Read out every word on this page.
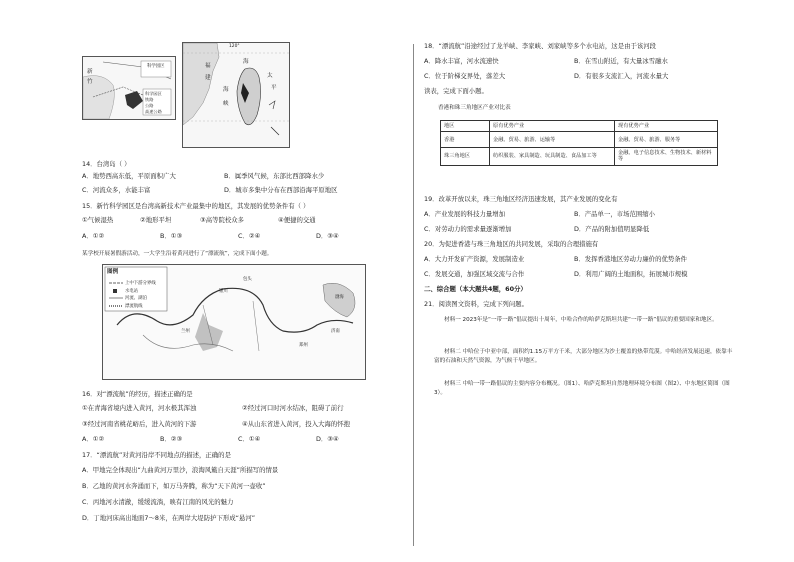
新
竹
科学园区
科学园区
铁路
公路
高速公路
福
建
海
峡
太
平
海
120°
14．台湾岛（ ）
A．地势西高东低，平原面积广大	B．属季风气候，东部比西部降水少
C．河流众多，水能丰富	D．城市多集中分布在西部沿海平原地区
15．新竹科学园区是台湾高新技术产业最集中的地区，其发展的优势条件有（ ）
①气候湿热	②地形平坦	③高等院校众多	④便捷的交通
A．①②	B．①③	C．②④	D．③④
某学校开展暑假游活动，一大学生沿着黄河进行了“漂流航”，完成下面小题。
图例
上中下游分界线
水电站
河流、湖泊
漂流航线
兰州
银川
包头
郑州
济南
渤海
16．对“漂流航”的经历，描述正确的是
①在青海省境内进入黄河，河水极其浑浊	②经过河口时河水结冰，阻碍了前行
③经过河南省桃花峪后，进入黄河的下游	④从山东省进入黄河，投入大海的怀抱
A．①②	B．②③	C．①④	D．③④
17．“漂流航”对黄河沿岸不同地点的描述，正确的是
A．甲地完全体现出“九曲黄河万里沙，浪淘风簸自天涯”所描写的情景
B．乙地的黄河水奔涌而下，如万马奔腾，称为“天下黄河一壶收”
C．丙地河水清澈，缓缓流淌，映有江南的风光的魅力
D．丁地河床高出地面7～8米，在两岸大堤防护下形成“悬河”
18．“漂流航”沿途经过了龙羊峡、李家峡、刘家峡等多个水电站，这是由于该河段
A．降水丰富，河水流速快	B．在雪山附近，有大量冰雪融水
C．位于阶梯交界处，落差大	D．有很多支流汇入，河流水量大
读表，完成下面小题。
香港和珠三角地区产业对比表
地区	原有优势产业	现有优势产业
香港	金融、贸易、旅游、运输等	金融、贸易、旅游、服务等
珠三角地区	纺织服装、家具制造、玩具制造、食品加工等	金融、电子信息技术、生物技术、新材料等
19．改革开放以来，珠三角地区经济迅速发展，其产业发展的变化有
A．产业发展的科技力量增加	B．产品单一，市场范围缩小
C．对劳动力的需求量逐渐增加	D．产品的附加值明显降低
20．为促进香港与珠三角地区的共同发展，采取的合理措施有
A．大力开发矿产资源，发展制造业	B．发挥香港地区劳动力廉价的优势条件
C．发展交通，加强区域交流与合作	D．利用广阔的土地面积，拓展城市规模
二、综合题（本大题共4题，60分）
21．阅读图文资料，完成下列问题。
材料一 2023年是“一带一路”倡议提出十周年，中哈合作的哈萨克斯坦共建“一带一路”倡议的重要国家和地区。
材料二 中哈位于中亚中部，面积约1.15万平方千米，大部分地区为沙土覆盖的热带荒漠。中哈经济发展迅速，依靠丰富的石油和天然气资源，为气候干旱地区。
材料三 中哈一带一路倡议的主要内容分布概况。（图1）、哈萨克斯坦自然地理环境分布图（图2）、中东地区简图（图3）。
